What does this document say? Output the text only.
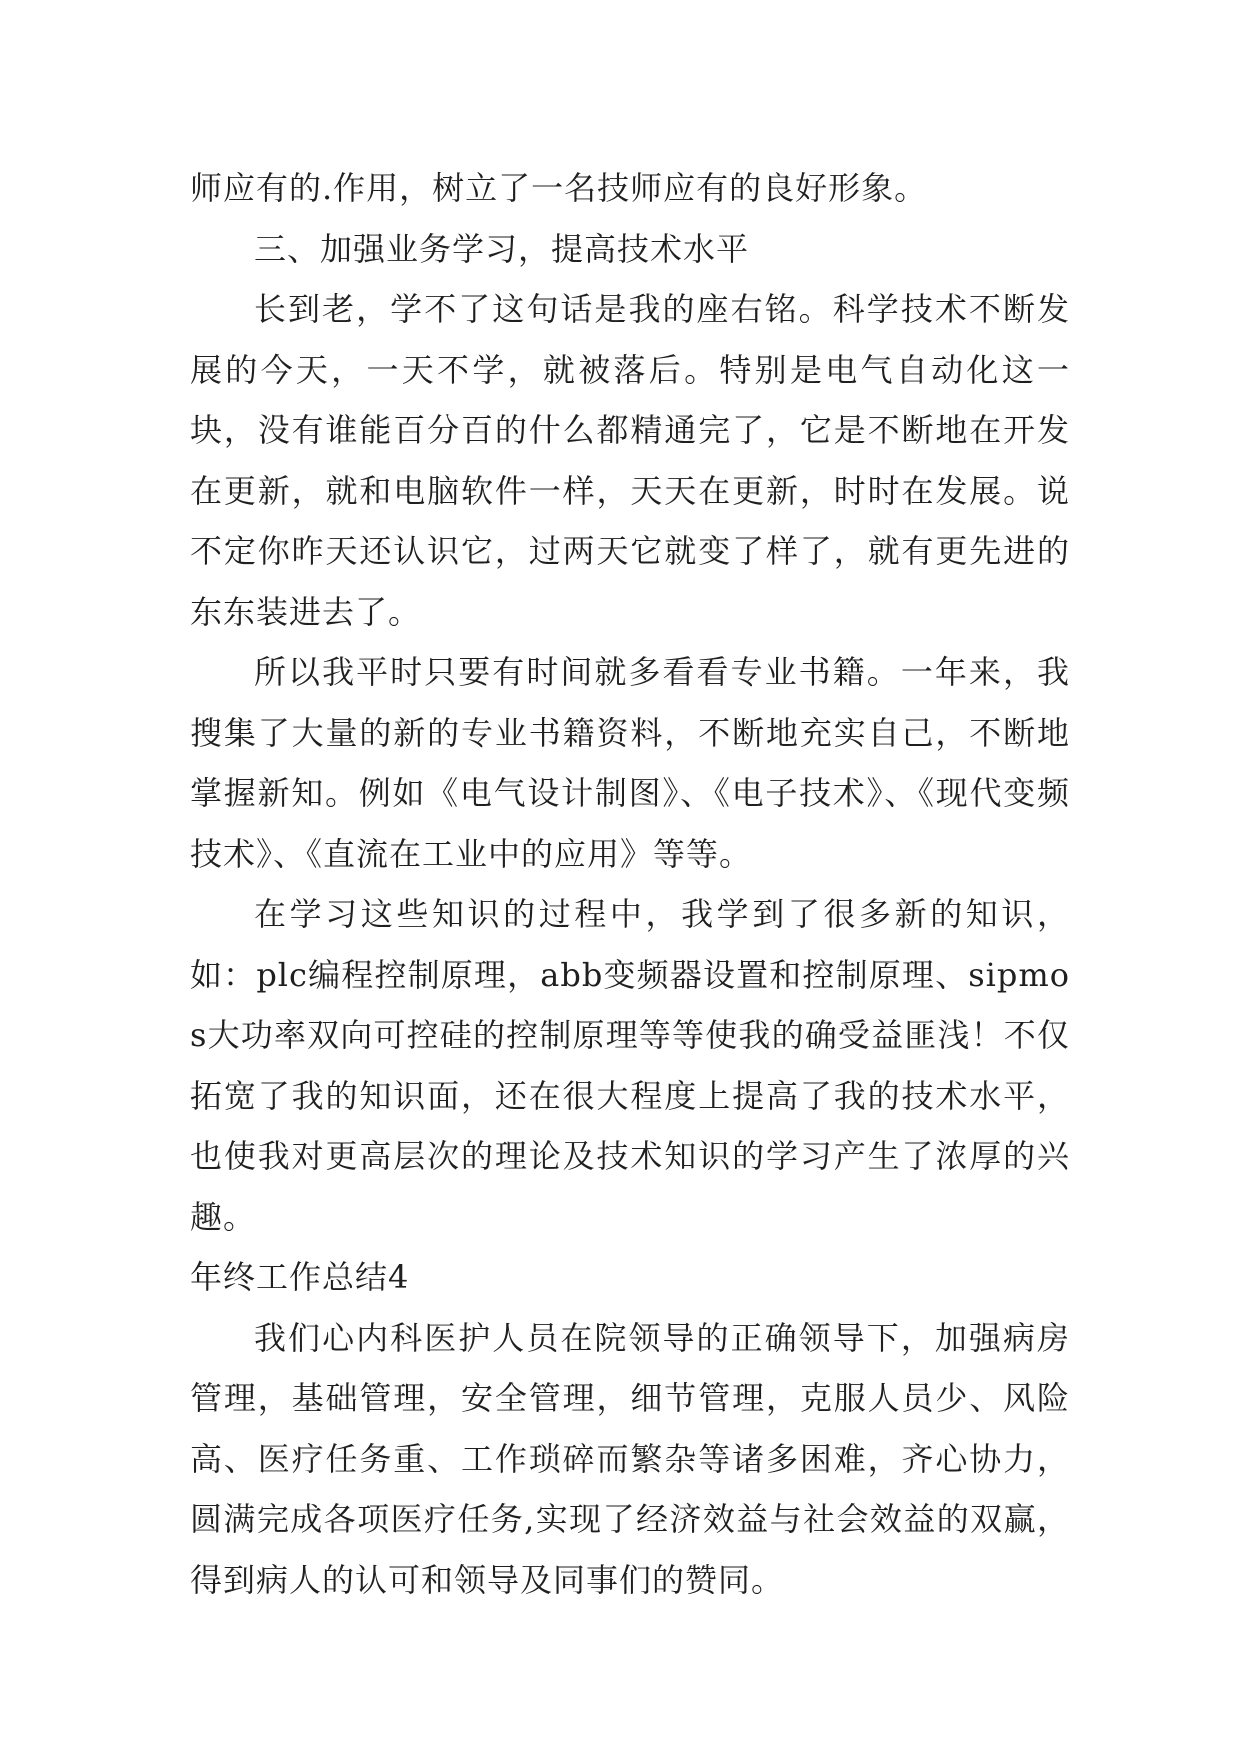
师应有的.作用，树立了一名技师应有的良好形象。

三、加强业务学习，提高技术水平

长到老，学不了这句话是我的座右铭。科学技术不断发展的今天，一天不学，就被落后。特别是电气自动化这一块，没有谁能百分百的什么都精通完了，它是不断地在开发在更新，就和电脑软件一样，天天在更新，时时在发展。说不定你昨天还认识它，过两天它就变了样了，就有更先进的东东装进去了。

所以我平时只要有时间就多看看专业书籍。一年来，我搜集了大量的新的专业书籍资料，不断地充实自己，不断地掌握新知。例如《电气设计制图》、《电子技术》、《现代变频技术》、《直流在工业中的应用》等等。

在学习这些知识的过程中，我学到了很多新的知识，如：plc编程控制原理，abb变频器设置和控制原理、sipmos大功率双向可控硅的控制原理等等使我的确受益匪浅！不仅拓宽了我的知识面，还在很大程度上提高了我的技术水平，也使我对更高层次的理论及技术知识的学习产生了浓厚的兴趣。

年终工作总结4

我们心内科医护人员在院领导的正确领导下，加强病房管理，基础管理，安全管理，细节管理，克服人员少、风险高、医疗任务重、工作琐碎而繁杂等诸多困难，齐心协力，圆满完成各项医疗任务,实现了经济效益与社会效益的双赢，得到病人的认可和领导及同事们的赞同。
